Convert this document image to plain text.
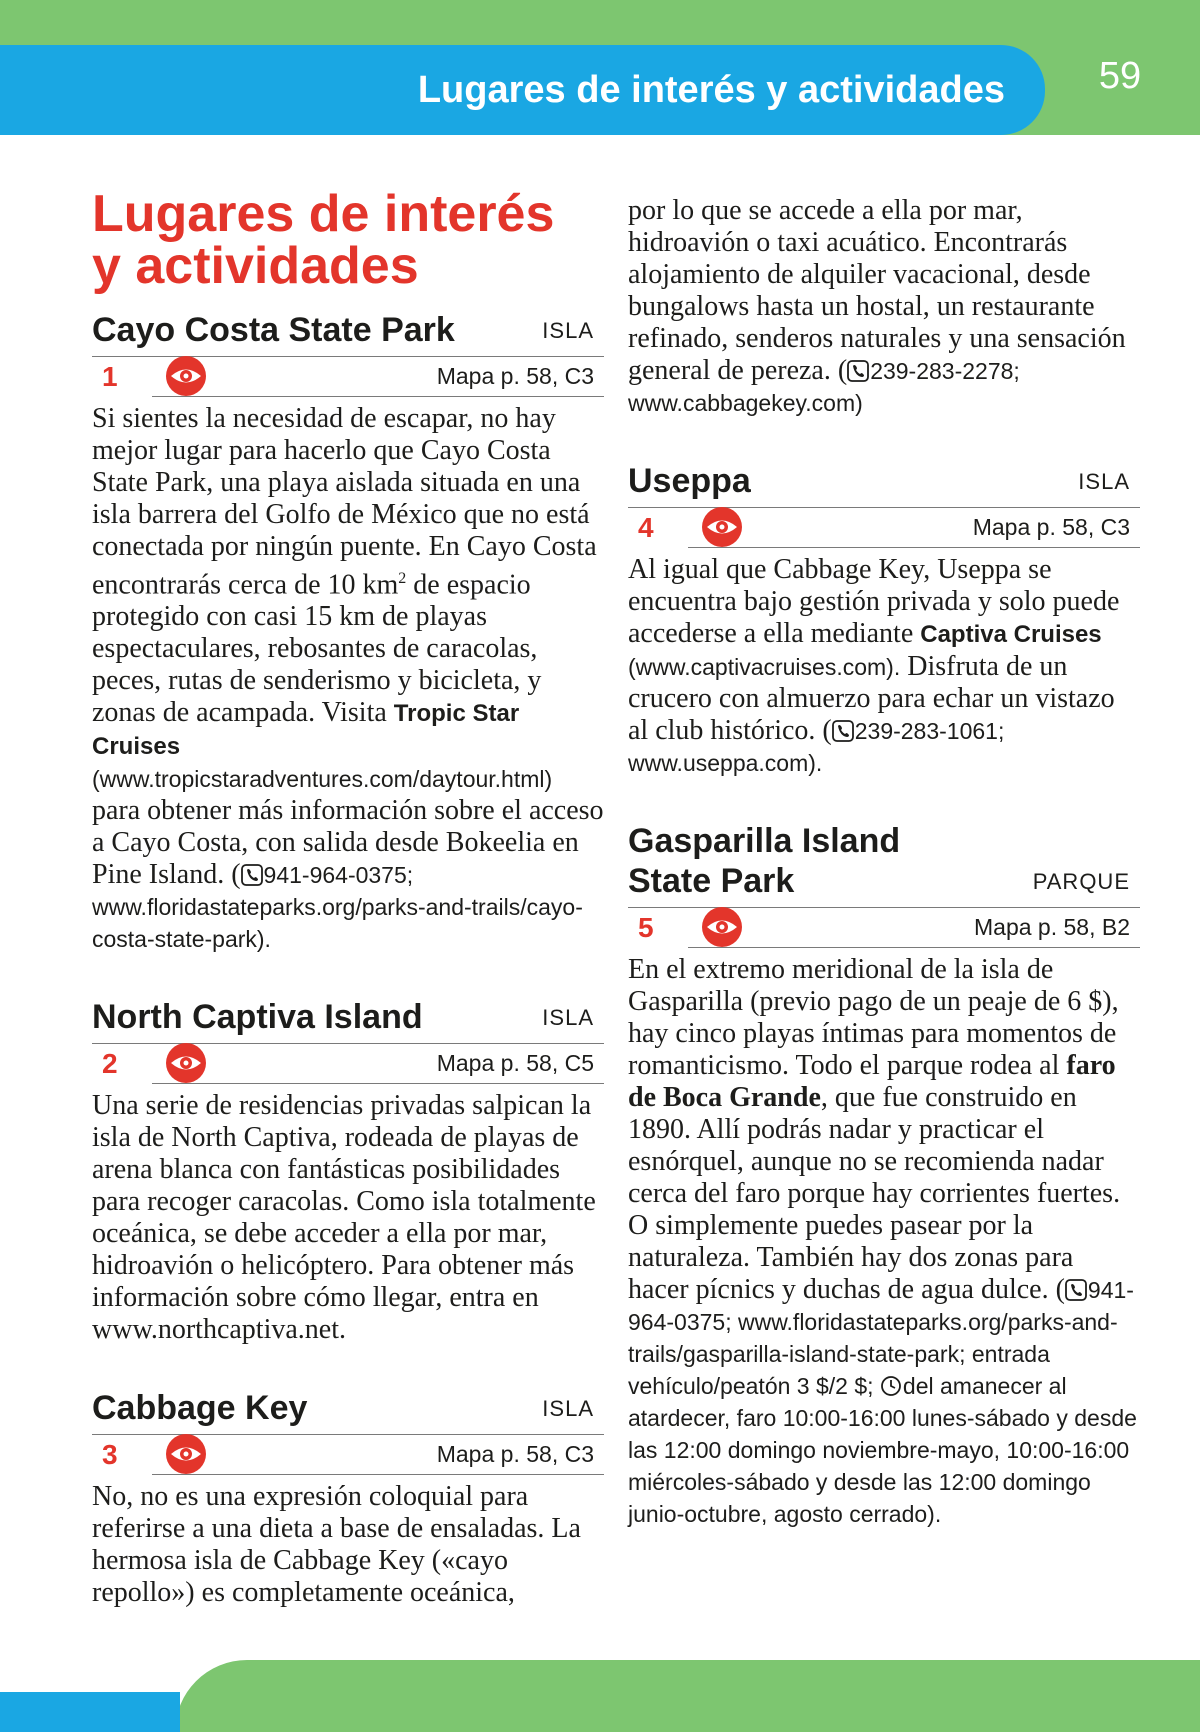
Lugares de interés y actividades	59
Lugares de interés
y actividades
Cayo Costa State Park	ISLA
1	Mapa p. 58, C3

Si sientes la necesidad de escapar, no hay mejor lugar para hacerlo que Cayo Costa State Park, una playa aislada situada en una isla barrera del Golfo de México que no está conectada por ningún puente. En Cayo Costa encontrarás cerca de 10 $km^2$ de espacio protegido con casi 15 km de playas espectaculares, rebosantes de caracolas, peces, rutas de senderismo y bicicleta, y zonas de acampada. Visita Tropic Star Cruises (www.tropicstaradventures.com/daytour.html) para obtener más información sobre el acceso a Cayo Costa, con salida desde Bokeelia en Pine Island. ( 941-964-0375; www.floridastateparks.org/parks-and-trails/cayo-costa-state-park).

North Captiva Island	ISLA
2	Mapa p. 58, C5

Una serie de residencias privadas salpican la isla de North Captiva, rodeada de playas de arena blanca con fantásticas posibilidades para recoger caracolas. Como isla totalmente oceánica, se debe acceder a ella por mar, hidroavión o helicóptero. Para obtener más información sobre cómo llegar, entra en www.northcaptiva.net.

Cabbage Key	ISLA
3	Mapa p. 58, C3

No, no es una expresión coloquial para referirse a una dieta a base de ensaladas. La hermosa isla de Cabbage Key («cayo repollo») es completamente oceánica,

por lo que se accede a ella por mar, hidroavión o taxi acuático. Encontrarás alojamiento de alquiler vacacional, desde bungalows hasta un hostal, un restaurante refinado, senderos naturales y una sensación general de pereza. ( 239-283-2278; www.cabbagekey.com)

Useppa	ISLA
4	Mapa p. 58, C3

Al igual que Cabbage Key, Useppa se encuentra bajo gestión privada y solo puede accederse a ella mediante Captiva Cruises (www.captivacruises.com). Disfruta de un crucero con almuerzo para echar un vistazo al club histórico. ( 239-283-1061; www.useppa.com).

Gasparilla Island
State Park	PARQUE
5	Mapa p. 58, B2

En el extremo meridional de la isla de Gasparilla (previo pago de un peaje de 6 $), hay cinco playas íntimas para momentos de romanticismo. Todo el parque rodea al faro de Boca Grande, que fue construido en 1890. Allí podrás nadar y practicar el esnórquel, aunque no se recomienda nadar cerca del faro porque hay corrientes fuertes. O simplemente puedes pasear por la naturaleza. También hay dos zonas para hacer pícnics y duchas de agua dulce. ( 941-964-0375; www.floridastateparks.org/parks-and-trails/gasparilla-island-state-park; entrada vehículo/peatón 3 $/2 $; del amanecer al atardecer, faro 10:00-16:00 lunes-sábado y desde las 12:00 domingo noviembre-mayo, 10:00-16:00 miércoles-sábado y desde las 12:00 domingo junio-octubre, agosto cerrado).
